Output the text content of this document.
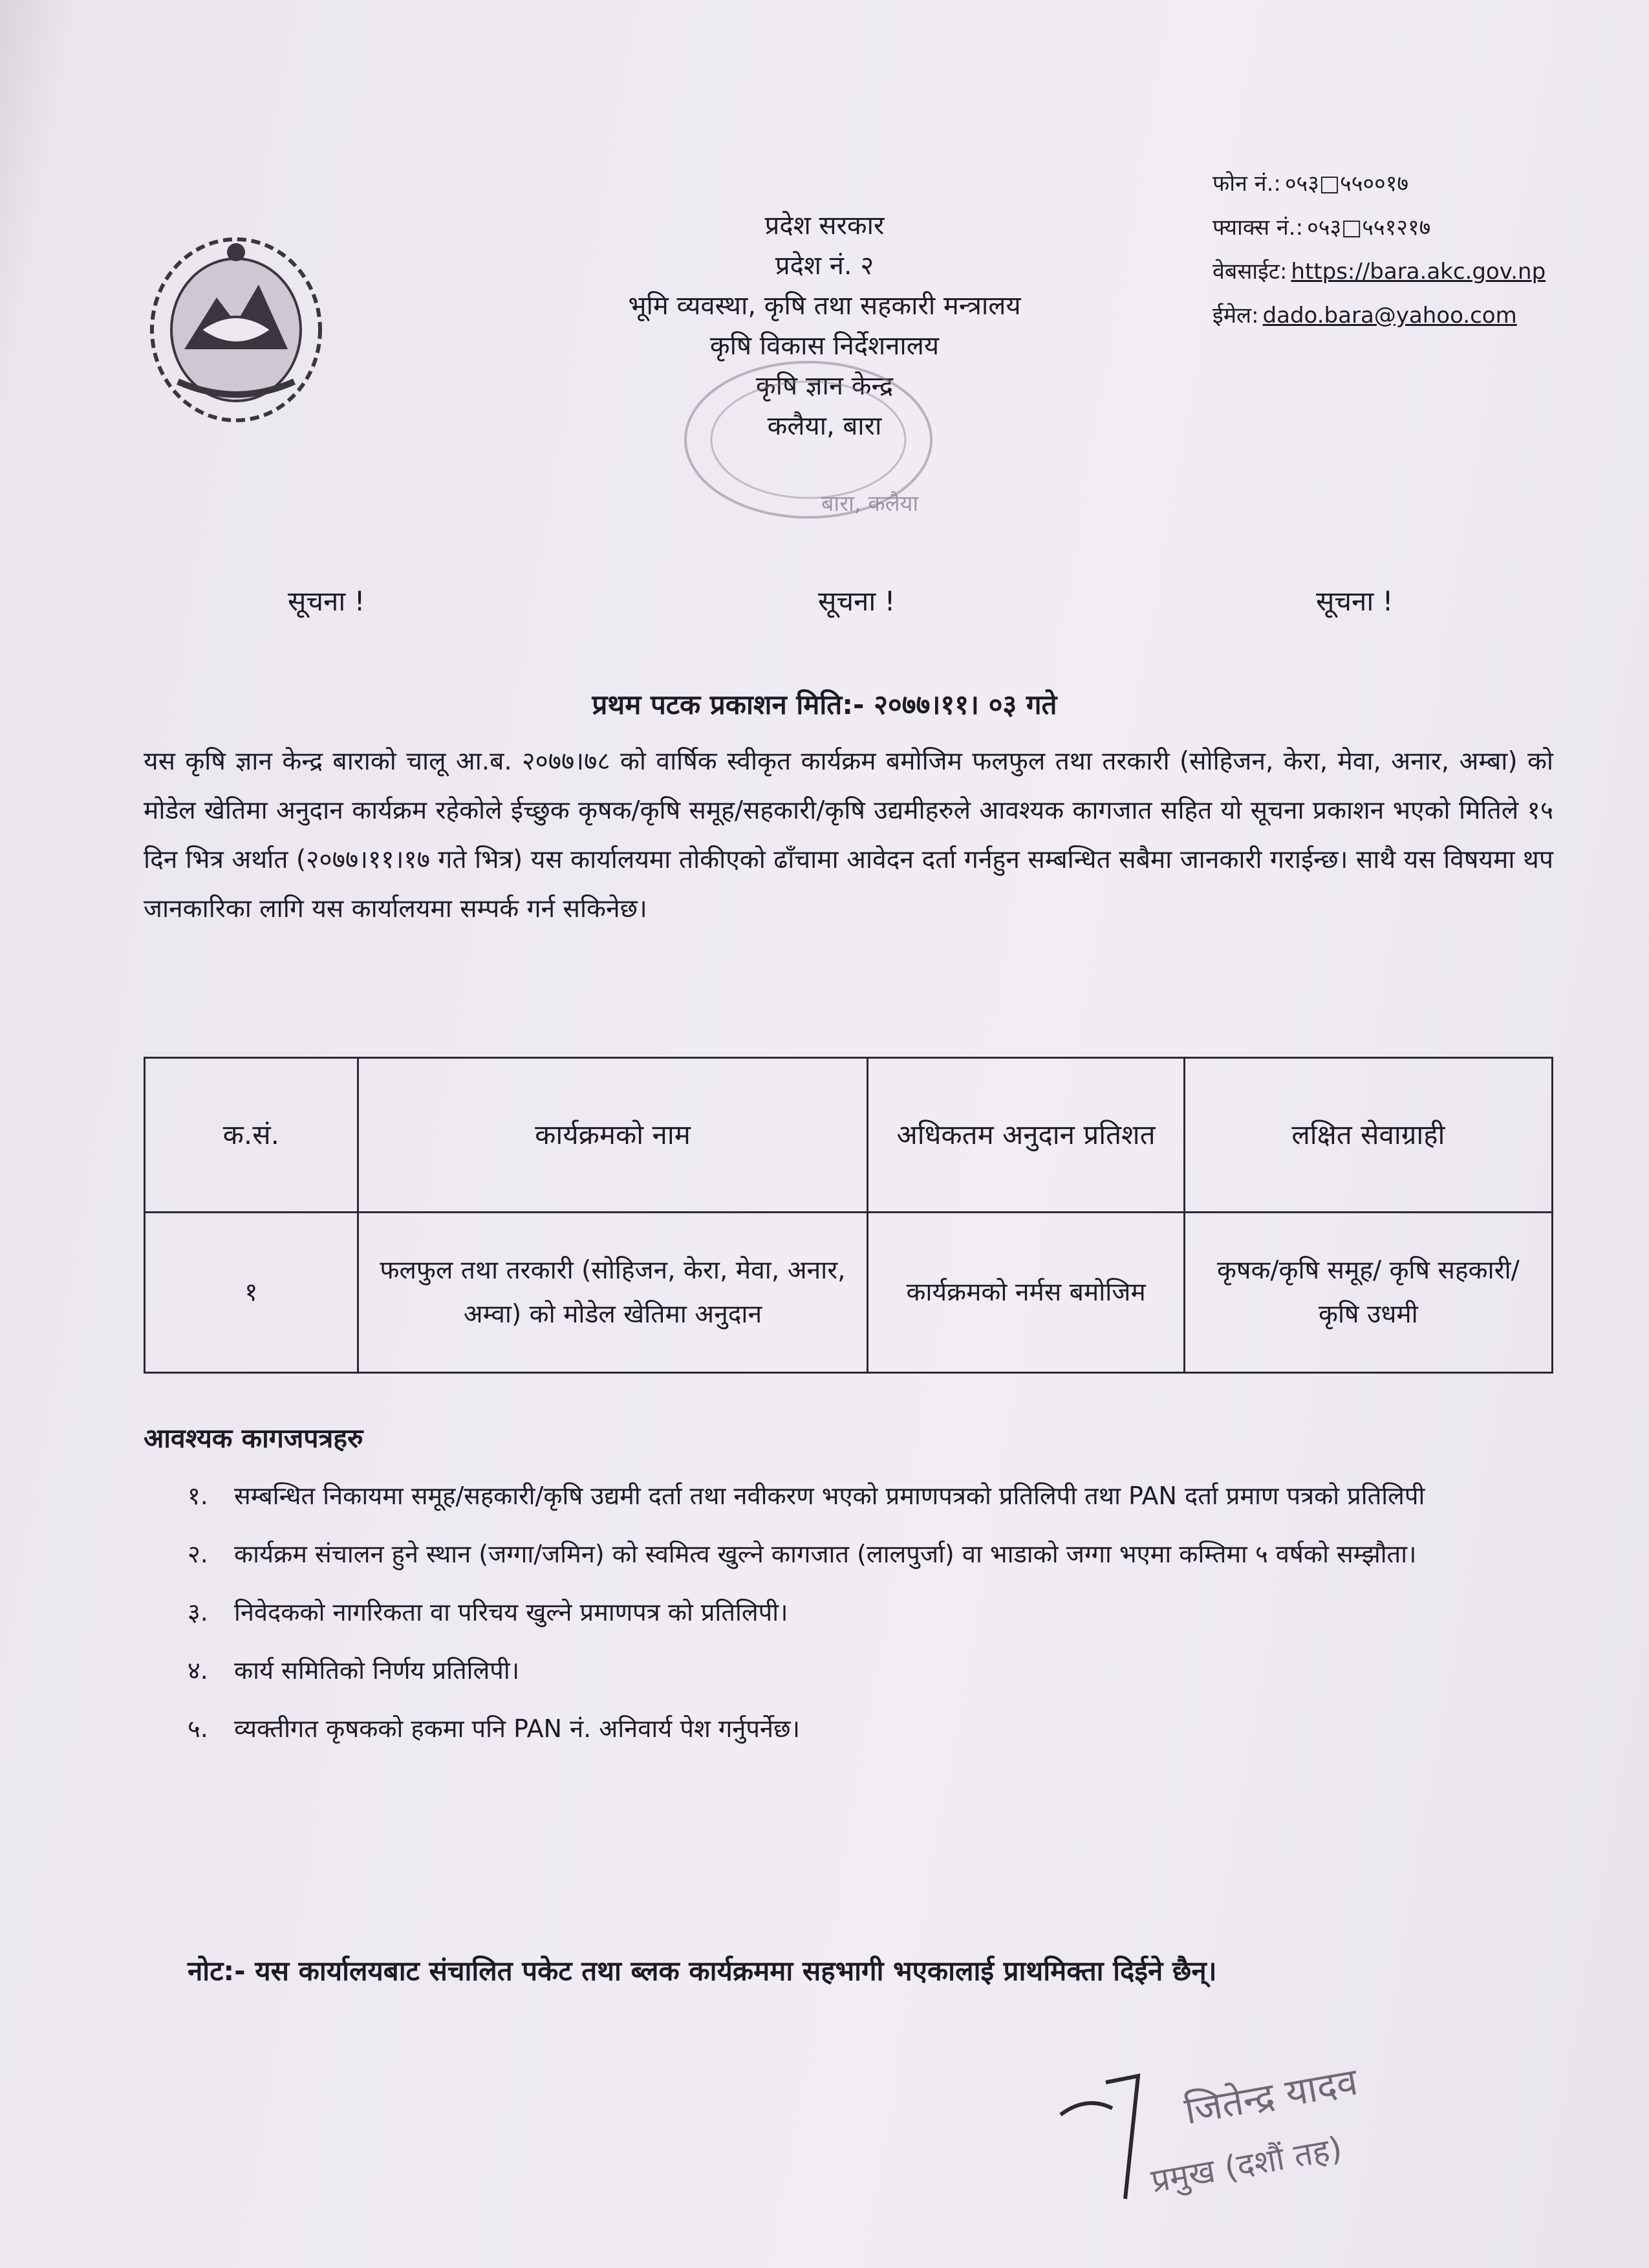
प्रदेश सरकार
प्रदेश नं. २
भूमि व्यवस्था, कृषि तथा सहकारी मन्त्रालय
कृषि विकास निर्देशनालय
कृषि ज्ञान केन्द्र
कलैया, बारा
बारा, कलैया
फोन नं.: ०५३□५५००१७
फ्याक्स नं.: ०५३□५५१२१७
वेबसाईट: https://bara.akc.gov.np
ईमेल: dado.bara@yahoo.com
सूचना !	सूचना !	सूचना !
प्रथम पटक प्रकाशन मिति:- २०७७।११। ०३ गते
यस कृषि ज्ञान केन्द्र बाराको चालू आ.ब. २०७७।७८ को वार्षिक स्वीकृत कार्यक्रम बमोजिम फलफुल तथा तरकारी (सोहिजन, केरा, मेवा, अनार, अम्बा) को मोडेल खेतिमा अनुदान कार्यक्रम रहेकोले ईच्छुक कृषक/कृषि समूह/सहकारी/कृषि उद्यमीहरुले आवश्यक कागजात सहित यो सूचना प्रकाशन भएको मितिले १५ दिन भित्र अर्थात (२०७७।११।१७ गते भित्र) यस कार्यालयमा तोकीएको ढाँचामा आवेदन दर्ता गर्नहुन सम्बन्धित सबैमा जानकारी गराईन्छ। साथै यस विषयमा थप जानकारिका लागि यस कार्यालयमा सम्पर्क गर्न सकिनेछ।
क.सं.	कार्यक्रमको नाम	अधिकतम अनुदान प्रतिशत	लक्षित सेवाग्राही
१	फलफुल तथा तरकारी (सोहिजन, केरा, मेवा, अनार, अम्वा) को मोडेल खेतिमा अनुदान	कार्यक्रमको नर्मस बमोजिम	कृषक/कृषि समूह/ कृषि सहकारी/ कृषि उधमी
आवश्यक कागजपत्रहरु
१. सम्बन्धित निकायमा समूह/सहकारी/कृषि उद्यमी दर्ता तथा नवीकरण भएको प्रमाणपत्रको प्रतिलिपी तथा PAN दर्ता प्रमाण पत्रको प्रतिलिपी
२. कार्यक्रम संचालन हुने स्थान (जग्गा/जमिन) को स्वमित्व खुल्ने कागजात (लालपुर्जा) वा भाडाको जग्गा भएमा कम्तिमा ५ वर्षको सम्झौता।
३. निवेदकको नागरिकता वा परिचय खुल्ने प्रमाणपत्र को प्रतिलिपी।
४. कार्य समितिको निर्णय प्रतिलिपी।
५. व्यक्तीगत कृषकको हकमा पनि PAN नं. अनिवार्य पेश गर्नुपर्नेछ।
नोट:- यस कार्यालयबाट संचालित पकेट तथा ब्लक कार्यक्रममा सहभागी भएकालाई प्राथमिक्ता दिईने छैन्।
जितेन्द्र यादव
प्रमुख (दशौं तह)
